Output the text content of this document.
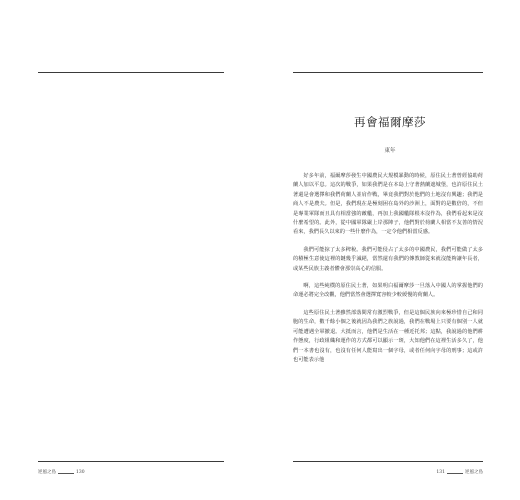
逆風之島	130
再會福爾摩莎
東年

好多年前，福爾摩莎發生中國農民大規模暴動的時候，原住民土著曾經協助荷蘭人加以平息。這次的戰爭，如果我們是在本島上守著熱蘭遮城堡，也許原住民土著還是會選擇和我們荷蘭人並肩作戰，畢竟我們對於他們的土地沒有興趣；我們是商人不是農夫。但是，我們現在是極刻困在島外的沙洲上，面對的是數倍的，不但是專業軍隊而且具有相當強的敵艦，再加上我國艦隊根本沒作為，我們看起來是沒什麼希望的。此外，從中國軍隊嚴上岸那陣子，他們對於荷蘭人相當不友善的情況看來，我們長久以來的一些什麼作為，一定令他們相當反感。

我們可能掠了太多稗稅。我們可能侵占了太多的中國農民，我們可能做了太多的積極生意使這裡的鏈幾乎滅絕，當然還有我們的傳教師從來就沒能夠讓年長者，或某些民族主義者體會那崇高心的信服。

啊，這些純樸的原住民土著，如果明白福爾摩莎一旦落入中國人的掌握他們的命運必將完全改觀，他們當然會選擇寬容較少較緩慢的荷蘭人。

這些原住民土著雖然部落間常有激烈戰爭，但是這個民族向來極珍惜自己和同胞的生命，數千餘小個之後就因為我們之族說過，我們在戰場上只要有個別一人就可能遭遇全軍撤退。大抵而言，他們是生活在一種近托邦；這點，我說過的他們耕作態度，行政組織和運作的方式都可以顯示一斑，大知他們在這裡生活多久了，他們一本書也沒有，也沒有任何人能寫出一個字母，或者任何向字母的刑事；這或許也可能表示他

131	逆風之島
